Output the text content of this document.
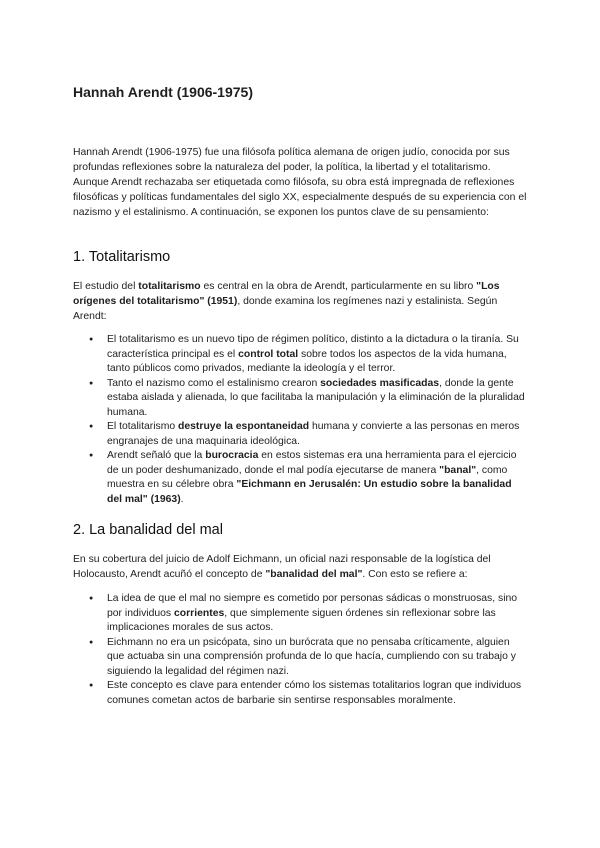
Hannah Arendt (1906-1975)

Hannah Arendt (1906-1975) fue una filósofa política alemana de origen judío, conocida por sus profundas reflexiones sobre la naturaleza del poder, la política, la libertad y el totalitarismo. Aunque Arendt rechazaba ser etiquetada como filósofa, su obra está impregnada de reflexiones filosóficas y políticas fundamentales del siglo XX, especialmente después de su experiencia con el nazismo y el estalinismo. A continuación, se exponen los puntos clave de su pensamiento:

1. Totalitarismo

El estudio del totalitarismo es central en la obra de Arendt, particularmente en su libro "Los orígenes del totalitarismo" (1951), donde examina los regímenes nazi y estalinista. Según Arendt:

● El totalitarismo es un nuevo tipo de régimen político, distinto a la dictadura o la tiranía. Su característica principal es el control total sobre todos los aspectos de la vida humana, tanto públicos como privados, mediante la ideología y el terror.
● Tanto el nazismo como el estalinismo crearon sociedades masificadas, donde la gente estaba aislada y alienada, lo que facilitaba la manipulación y la eliminación de la pluralidad humana.
● El totalitarismo destruye la espontaneidad humana y convierte a las personas en meros engranajes de una maquinaria ideológica.
● Arendt señaló que la burocracia en estos sistemas era una herramienta para el ejercicio de un poder deshumanizado, donde el mal podía ejecutarse de manera "banal", como muestra en su célebre obra "Eichmann en Jerusalén: Un estudio sobre la banalidad del mal" (1963).
2. La banalidad del mal

En su cobertura del juicio de Adolf Eichmann, un oficial nazi responsable de la logística del Holocausto, Arendt acuñó el concepto de "banalidad del mal". Con esto se refiere a:

● La idea de que el mal no siempre es cometido por personas sádicas o monstruosas, sino por individuos corrientes, que simplemente siguen órdenes sin reflexionar sobre las implicaciones morales de sus actos.
● Eichmann no era un psicópata, sino un burócrata que no pensaba críticamente, alguien que actuaba sin una comprensión profunda de lo que hacía, cumpliendo con su trabajo y siguiendo la legalidad del régimen nazi.
● Este concepto es clave para entender cómo los sistemas totalitarios logran que individuos comunes cometan actos de barbarie sin sentirse responsables moralmente.
